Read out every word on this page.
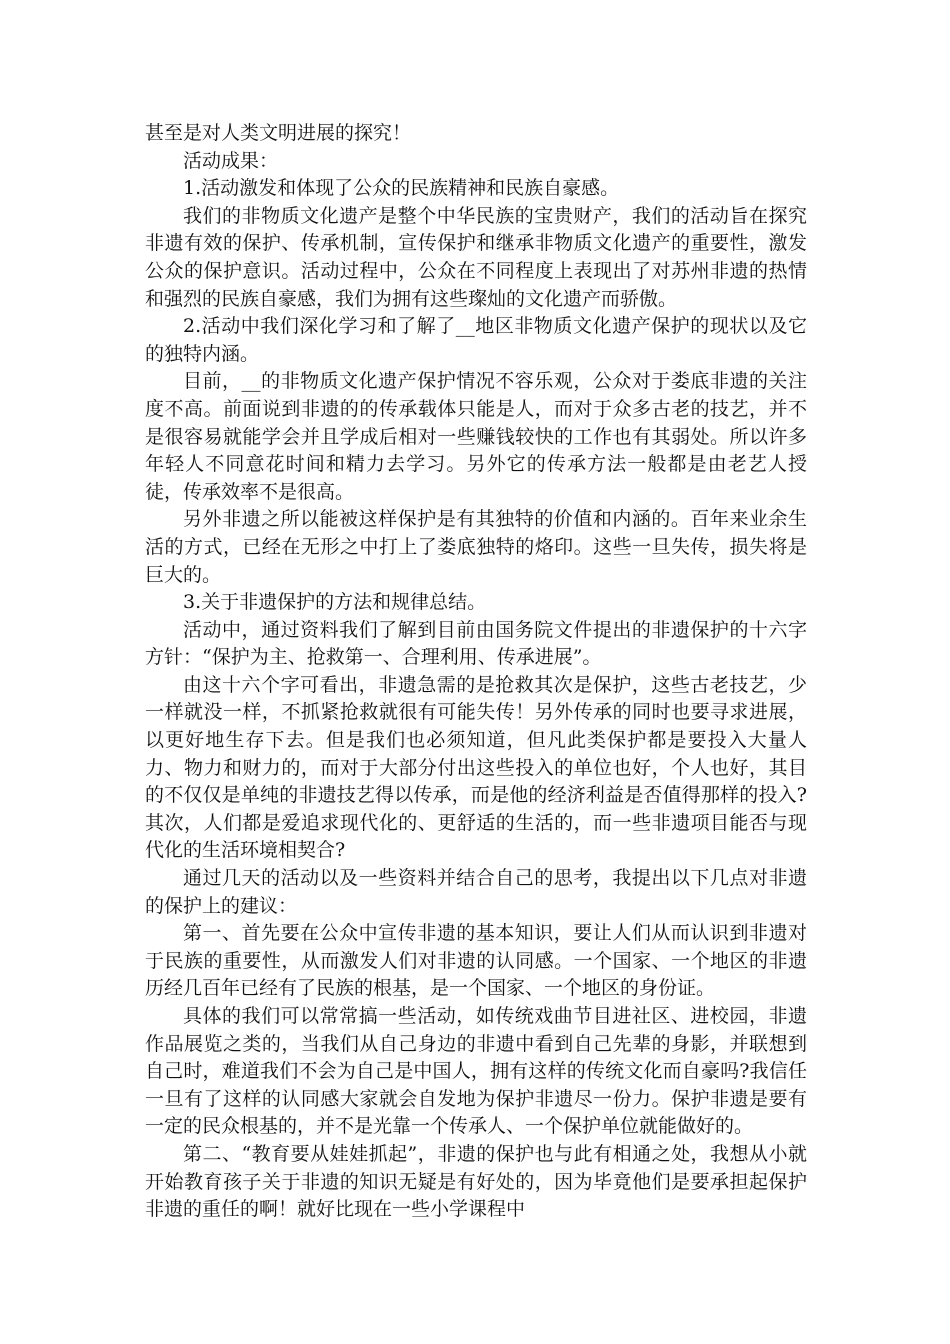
甚至是对人类文明进展的探究！

活动成果：

1.活动激发和体现了公众的民族精神和民族自豪感。

我们的非物质文化遗产是整个中华民族的宝贵财产，我们的活动旨在探究非遗有效的保护、传承机制，宣传保护和继承非物质文化遗产的重要性，激发公众的保护意识。活动过程中，公众在不同程度上表现出了对苏州非遗的热情和强烈的民族自豪感，我们为拥有这些璨灿的文化遗产而骄傲。

2.活动中我们深化学习和了解了__地区非物质文化遗产保护的现状以及它的独特内涵。

目前，__的非物质文化遗产保护情况不容乐观，公众对于娄底非遗的关注度不高。前面说到非遗的的传承载体只能是人，而对于众多古老的技艺，并不是很容易就能学会并且学成后相对一些赚钱较快的工作也有其弱处。所以许多年轻人不同意花时间和精力去学习。另外它的传承方法一般都是由老艺人授徒，传承效率不是很高。

另外非遗之所以能被这样保护是有其独特的价值和内涵的。百年来业余生活的方式，已经在无形之中打上了娄底独特的烙印。这些一旦失传，损失将是巨大的。

3.关于非遗保护的方法和规律总结。

活动中，通过资料我们了解到目前由国务院文件提出的非遗保护的十六字方针：“保护为主、抢救第一、合理利用、传承进展”。

由这十六个字可看出，非遗急需的是抢救其次是保护，这些古老技艺，少一样就没一样，不抓紧抢救就很有可能失传！另外传承的同时也要寻求进展，以更好地生存下去。但是我们也必须知道，但凡此类保护都是要投入大量人力、物力和财力的，而对于大部分付出这些投入的单位也好，个人也好，其目的不仅仅是单纯的非遗技艺得以传承，而是他的经济利益是否值得那样的投入?其次，人们都是爱追求现代化的、更舒适的生活的，而一些非遗项目能否与现代化的生活环境相契合?

通过几天的活动以及一些资料并结合自己的思考，我提出以下几点对非遗的保护上的建议：

第一、首先要在公众中宣传非遗的基本知识，要让人们从而认识到非遗对于民族的重要性，从而激发人们对非遗的认同感。一个国家、一个地区的非遗历经几百年已经有了民族的根基，是一个国家、一个地区的身份证。

具体的我们可以常常搞一些活动，如传统戏曲节目进社区、进校园，非遗作品展览之类的，当我们从自己身边的非遗中看到自己先辈的身影，并联想到自己时，难道我们不会为自己是中国人，拥有这样的传统文化而自豪吗?我信任一旦有了这样的认同感大家就会自发地为保护非遗尽一份力。保护非遗是要有一定的民众根基的，并不是光靠一个传承人、一个保护单位就能做好的。

第二、“教育要从娃娃抓起”，非遗的保护也与此有相通之处，我想从小就开始教育孩子关于非遗的知识无疑是有好处的，因为毕竟他们是要承担起保护非遗的重任的啊！就好比现在一些小学课程中
